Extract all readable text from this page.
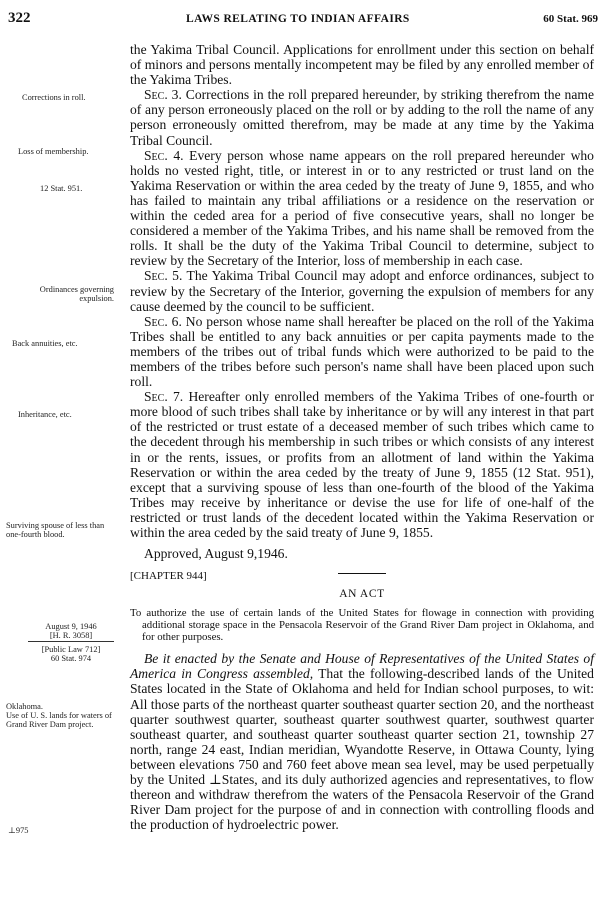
322	LAWS RELATING TO INDIAN AFFAIRS	60 Stat. 969
Corrections in roll.
Loss of membership.
12 Stat. 951.
Ordinances governing expulsion.
Back annuities, etc.
Inheritance, etc.
Surviving spouse of less than one-fourth blood.
August 9, 1946
[H. R. 3058]
[Public Law 712]
60 Stat. 974
Oklahoma.
Use of U. S. lands for waters of Grand River Dam project.
⊥975

the Yakima Tribal Council. Applications for enrollment under this section on behalf of minors and persons mentally incompetent may be filed by any enrolled member of the Yakima Tribes.

Sec. 3. Corrections in the roll prepared hereunder, by striking therefrom the name of any person erroneously placed on the roll or by adding to the roll the name of any person erroneously omitted therefrom, may be made at any time by the Yakima Tribal Council.

Sec. 4. Every person whose name appears on the roll prepared hereunder who holds no vested right, title, or interest in or to any restricted or trust land on the Yakima Reservation or within the area ceded by the treaty of June 9, 1855, and who has failed to maintain any tribal affiliations or a residence on the reservation or within the ceded area for a period of five consecutive years, shall no longer be considered a member of the Yakima Tribes, and his name shall be removed from the rolls. It shall be the duty of the Yakima Tribal Council to determine, subject to review by the Secretary of the Interior, loss of membership in each case.

Sec. 5. The Yakima Tribal Council may adopt and enforce ordinances, subject to review by the Secretary of the Interior, governing the expulsion of members for any cause deemed by the council to be sufficient.

Sec. 6. No person whose name shall hereafter be placed on the roll of the Yakima Tribes shall be entitled to any back annuities or per capita payments made to the members of the tribes out of tribal funds which were authorized to be paid to the members of the tribes before such person's name shall have been placed upon such roll.

Sec. 7. Hereafter only enrolled members of the Yakima Tribes of one-fourth or more blood of such tribes shall take by inheritance or by will any interest in that part of the restricted or trust estate of a deceased member of such tribes which came to the decedent through his membership in such tribes or which consists of any interest in or the rents, issues, or profits from an allotment of land within the Yakima Reservation or within the area ceded by the treaty of June 9, 1855 (12 Stat. 951), except that a surviving spouse of less than one-fourth of the blood of the Yakima Tribes may receive by inheritance or devise the use for life of one-half of the restricted or trust lands of the decedent located within the Yakima Reservation or within the area ceded by the said treaty of June 9, 1855.

Approved, August 9,1946.

[CHAPTER 944]
AN ACT
To authorize the use of certain lands of the United States for flowage in connection with providing additional storage space in the Pensacola Reservoir of the Grand River Dam project in Oklahoma, and for other purposes.

Be it enacted by the Senate and House of Representatives of the United States of America in Congress assembled, That the following-described lands of the United States located in the State of Oklahoma and held for Indian school purposes, to wit: All those parts of the northeast quarter southeast quarter section 20, and the northeast quarter southwest quarter, southeast quarter southwest quarter, southwest quarter southeast quarter, and southeast quarter southeast quarter section 21, township 27 north, range 24 east, Indian meridian, Wyandotte Reserve, in Ottawa County, lying between elevations 750 and 760 feet above mean sea level, may be used perpetually by the United ⊥States, and its duly authorized agencies and representatives, to flow thereon and withdraw therefrom the waters of the Pensacola Reservoir of the Grand River Dam project for the purpose of and in connection with controlling floods and the production of hydroelectric power.
